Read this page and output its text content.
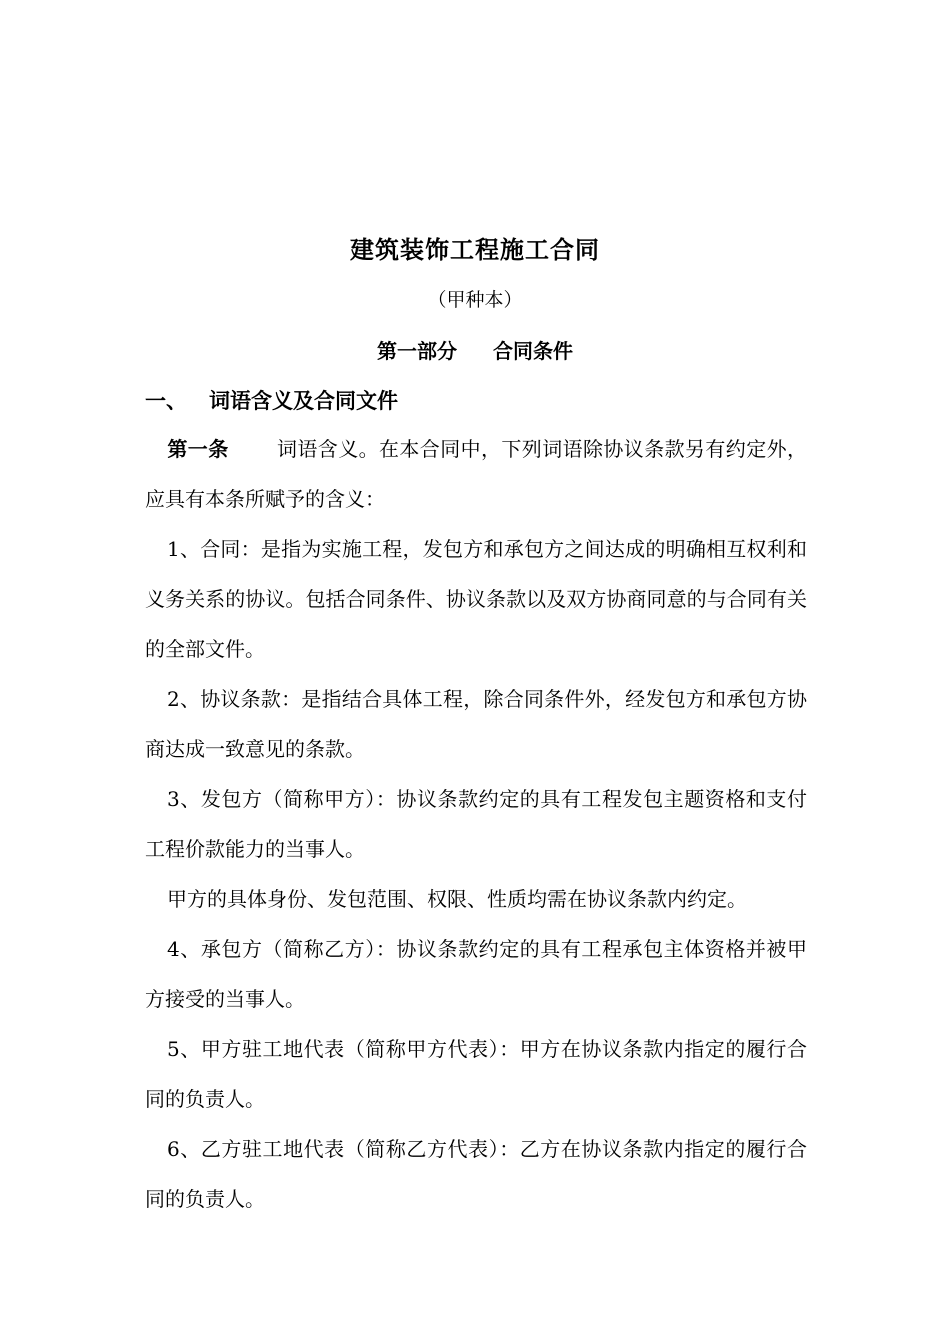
建筑装饰工程施工合同
（甲种本）
第一部分 合同条件
一、 词语含义及合同文件

第一条 词语含义。在本合同中，下列词语除协议条款另有约定外，应具有本条所赋予的含义：

1、合同：是指为实施工程，发包方和承包方之间达成的明确相互权利和义务关系的协议。包括合同条件、协议条款以及双方协商同意的与合同有关的全部文件。

2、协议条款：是指结合具体工程，除合同条件外，经发包方和承包方协商达成一致意见的条款。

3、发包方（简称甲方）：协议条款约定的具有工程发包主题资格和支付工程价款能力的当事人。

甲方的具体身份、发包范围、权限、性质均需在协议条款内约定。

4、承包方（简称乙方）：协议条款约定的具有工程承包主体资格并被甲方接受的当事人。

5、甲方驻工地代表（简称甲方代表）：甲方在协议条款内指定的履行合同的负责人。

6、乙方驻工地代表（简称乙方代表）：乙方在协议条款内指定的履行合同的负责人。
